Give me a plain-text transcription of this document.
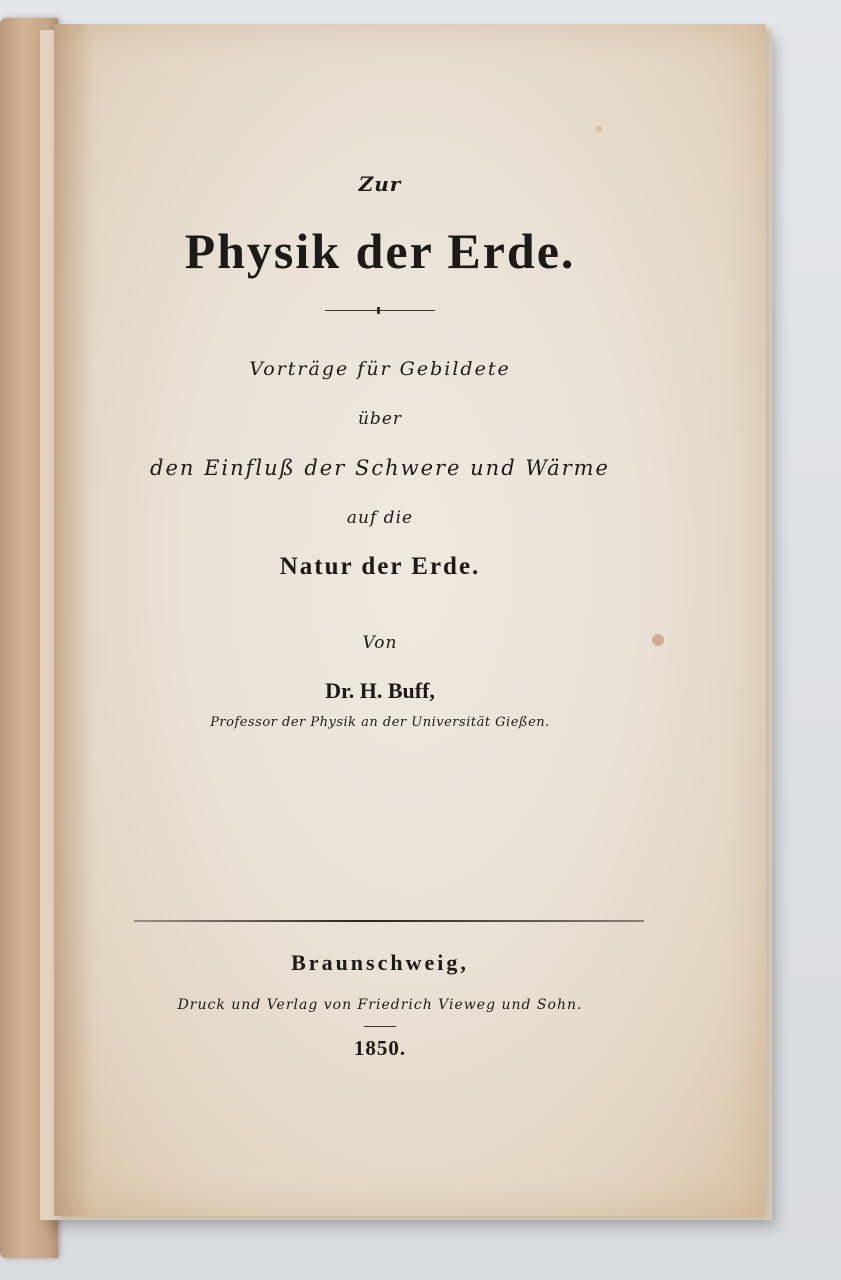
Zur
Physik der Erde.
Vorträge für Gebildete
über
den Einfluß der Schwere und Wärme
auf die
Natur der Erde.
Von
Dr. H. Buff,
Professor der Physik an der Universität Gießen.
Braunschweig,
Druck und Verlag von Friedrich Vieweg und Sohn.
1850.
